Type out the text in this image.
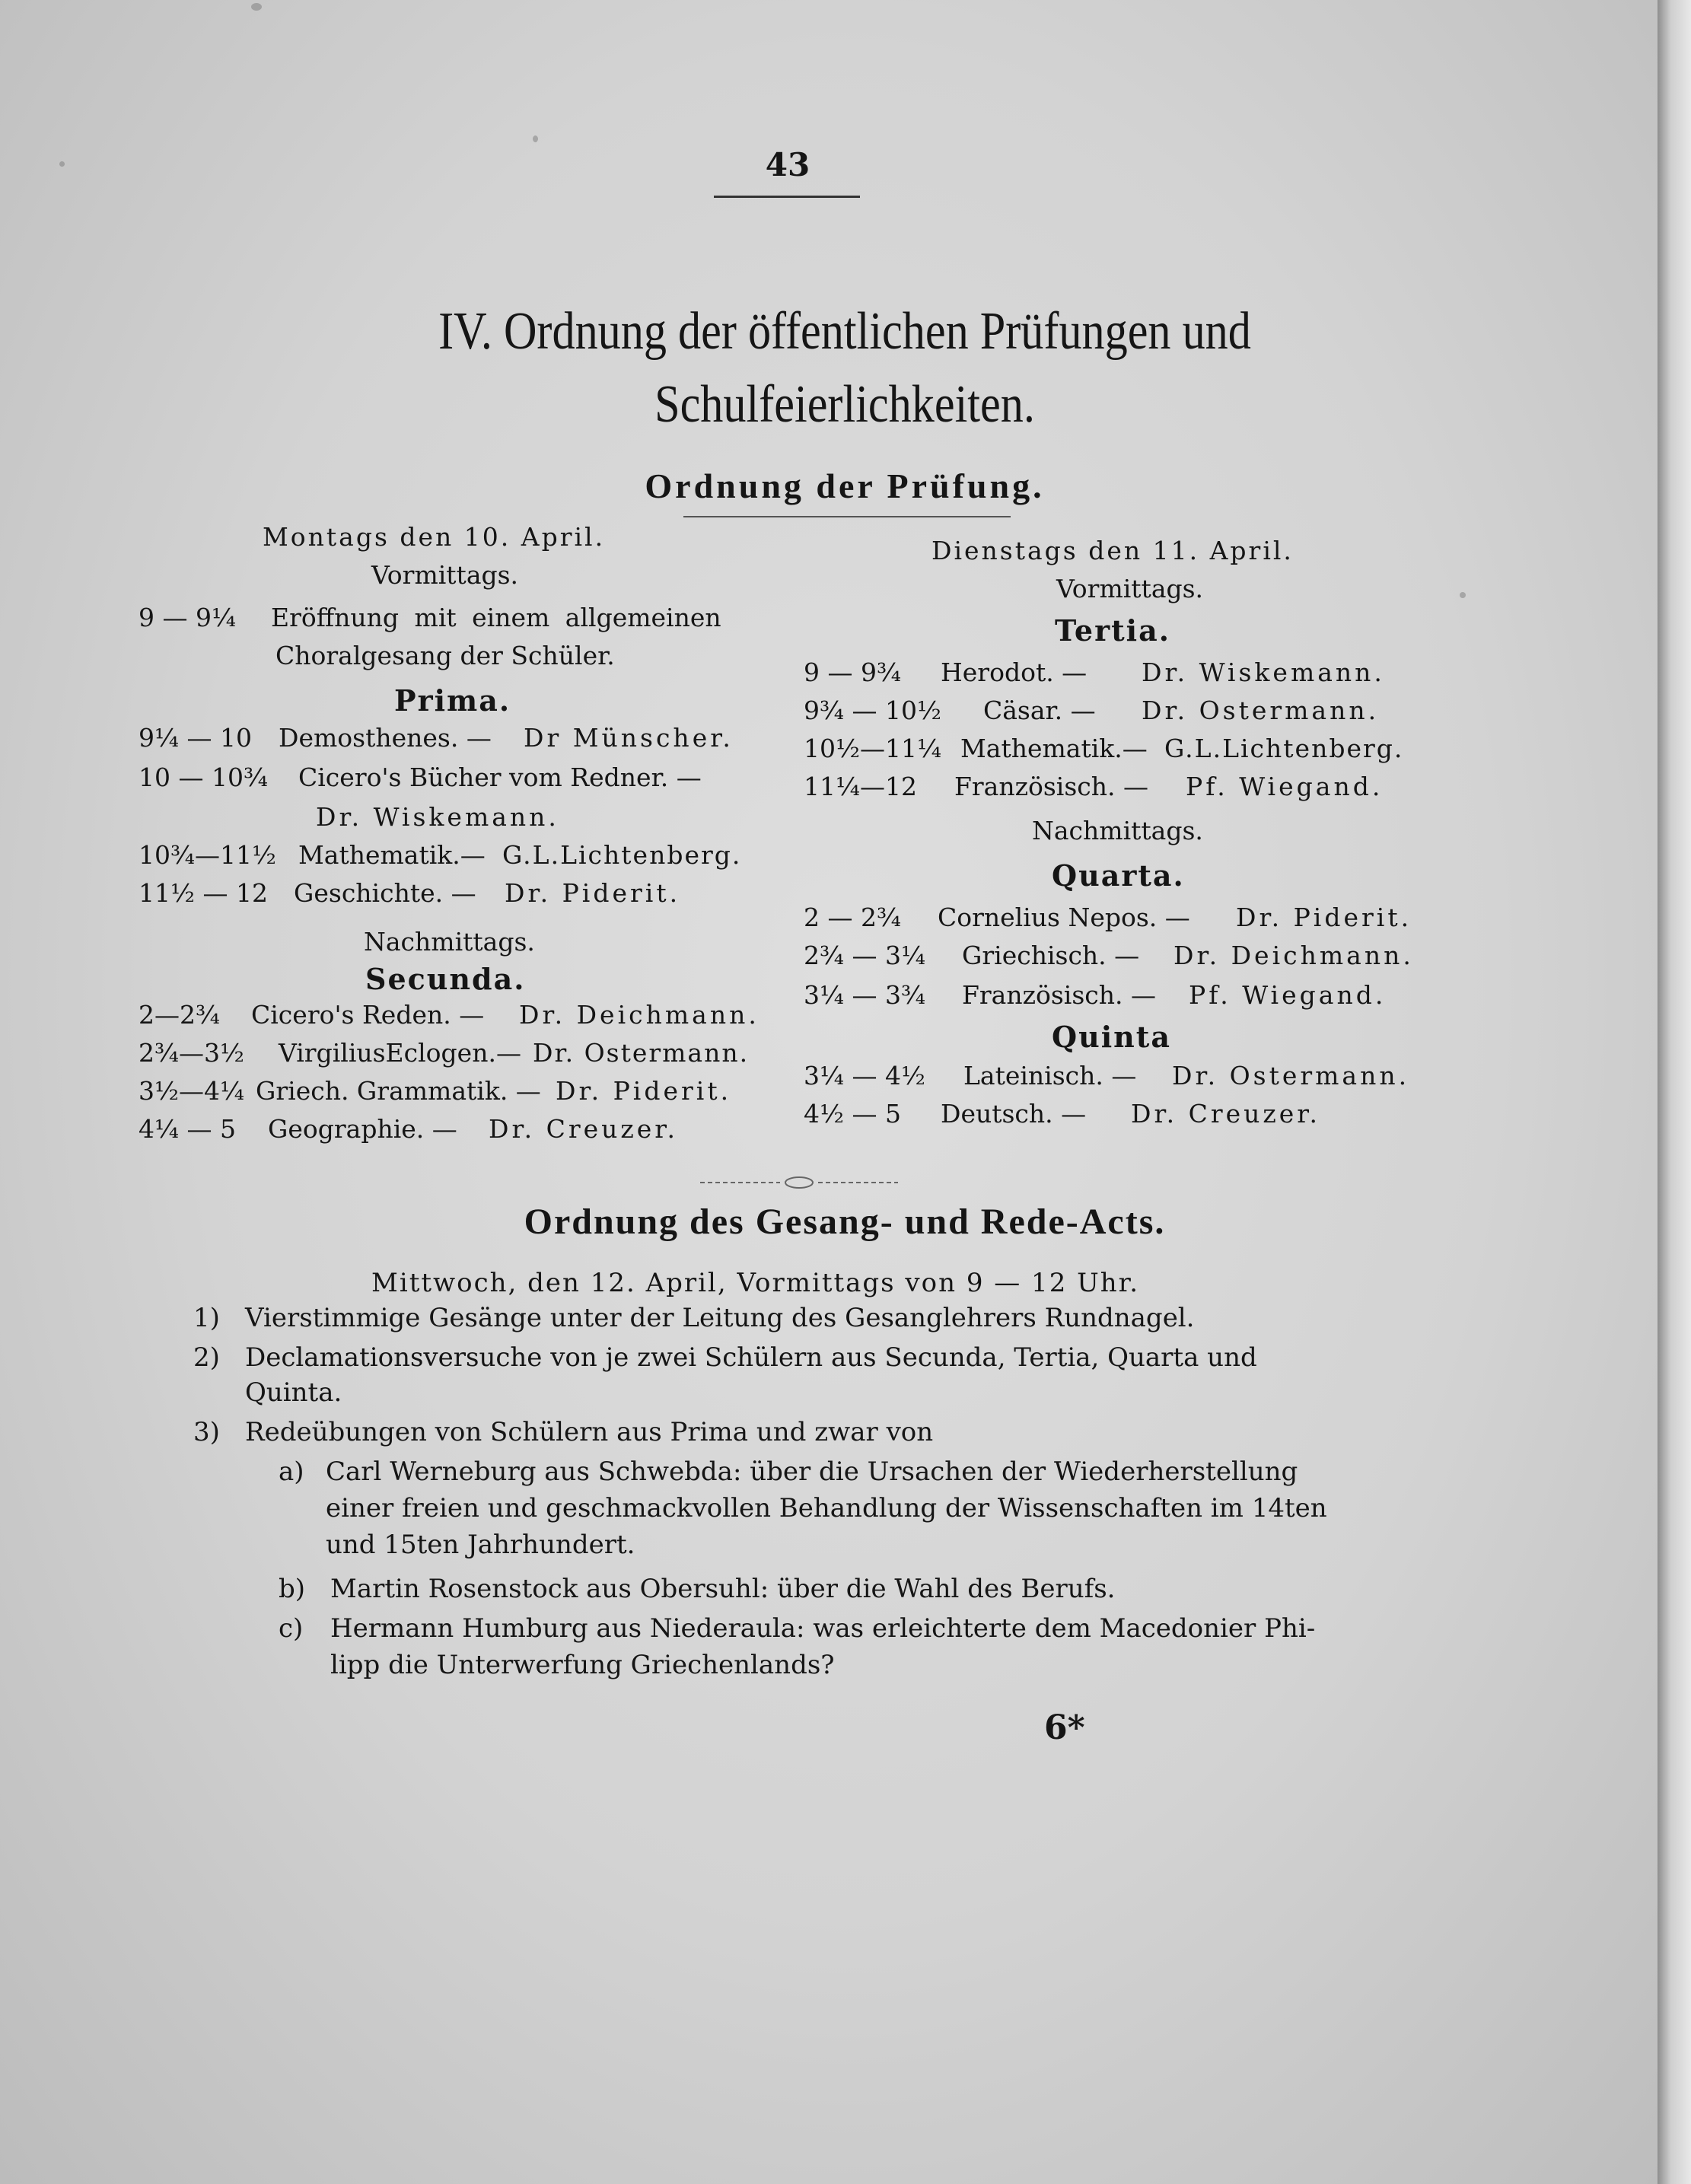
43
IV. Ordnung der öffentlichen Prüfungen und
Schulfeierlichkeiten.
Ordnung der Prüfung.
Montags den 10. April.
Vormittags.
9 — 9¼ Eröffnung mit einem allgemeinen
Choralgesang der Schüler.
Prima.
9¼ — 10 Demosthenes. — Dr Münscher.
10 — 10¾ Cicero's Bücher vom Redner. —
Dr. Wiskemann.
10¾—11½ Mathematik.— G.L.Lichtenberg.
11½ — 12 Geschichte. — Dr. Piderit.
Nachmittags.
Secunda.
2—2¾ Cicero's Reden. — Dr. Deichmann.
2¾—3½ VirgiliusEclogen.— Dr. Ostermann.
3½—4¼ Griech. Grammatik. — Dr. Piderit.
4¼ — 5 Geographie. — Dr. Creuzer.
Dienstags den 11. April.
Vormittags.
Tertia.
9 — 9¾ Herodot. — Dr. Wiskemann.
9¾ — 10½ Cäsar. — Dr. Ostermann.
10½—11¼ Mathematik.— G.L.Lichtenberg.
11¼—12 Französisch. — Pf. Wiegand.
Nachmittags.
Quarta.
2 — 2¾ Cornelius Nepos. — Dr. Piderit.
2¾ — 3¼ Griechisch. — Dr. Deichmann.
3¼ — 3¾ Französisch. — Pf. Wiegand.
Quinta
3¼ — 4½ Lateinisch. — Dr. Ostermann.
4½ — 5 Deutsch. — Dr. Creuzer.
Ordnung des Gesang- und Rede-Acts.
Mittwoch, den 12. April, Vormittags von 9 — 12 Uhr.
1) Vierstimmige Gesänge unter der Leitung des Gesanglehrers Rundnagel.
2) Declamationsversuche von je zwei Schülern aus Secunda, Tertia, Quarta und
Quinta.
3) Redeübungen von Schülern aus Prima und zwar von
a) Carl Werneburg aus Schwebda: über die Ursachen der Wiederherstellung
einer freien und geschmackvollen Behandlung der Wissenschaften im 14ten
und 15ten Jahrhundert.
b) Martin Rosenstock aus Obersuhl: über die Wahl des Berufs.
c) Hermann Humburg aus Niederaula: was erleichterte dem Macedonier Phi-
lipp die Unterwerfung Griechenlands?
6*
